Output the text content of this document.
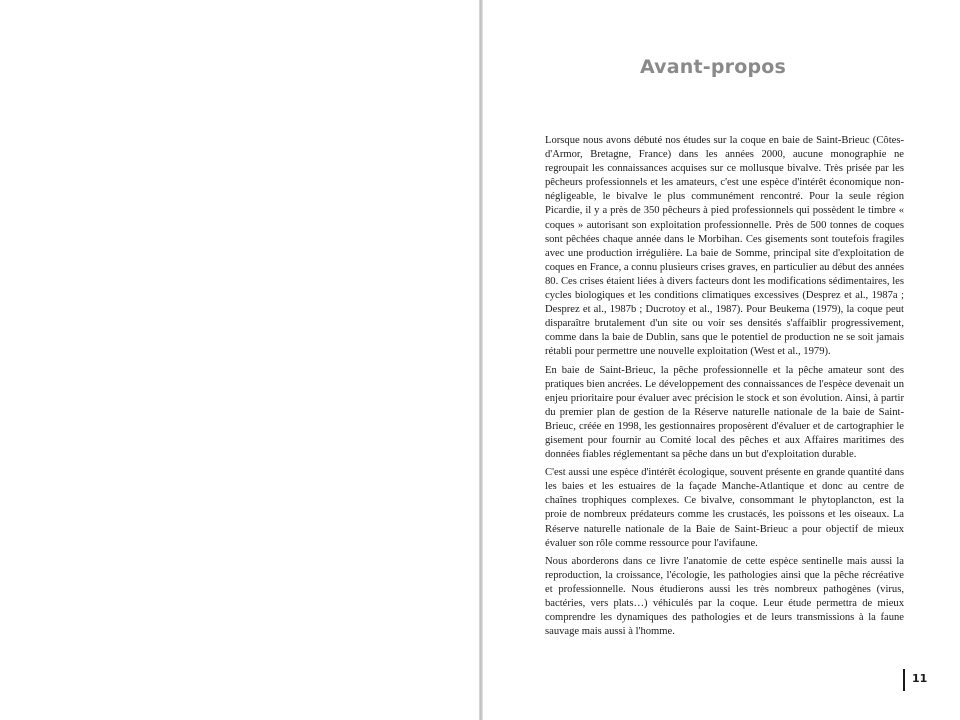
Avant-propos

Lorsque nous avons débuté nos études sur la coque en baie de Saint-Brieuc (Côtes-d'Armor, Bretagne, France) dans les années 2000, aucune monographie ne regroupait les connaissances acquises sur ce mollusque bivalve. Très prisée par les pêcheurs professionnels et les amateurs, c'est une espèce d'intérêt économique non-négligeable, le bivalve le plus communément rencontré. Pour la seule région Picardie, il y a près de 350 pêcheurs à pied professionnels qui possèdent le timbre « coques » autorisant son exploitation professionnelle. Près de 500 tonnes de coques sont pêchées chaque année dans le Morbihan. Ces gisements sont toutefois fragiles avec une production irrégulière. La baie de Somme, principal site d'exploitation de coques en France, a connu plusieurs crises graves, en particulier au début des années 80. Ces crises étaient liées à divers facteurs dont les modifications sédimentaires, les cycles biologiques et les conditions climatiques excessives (Desprez et al., 1987a ; Desprez et al., 1987b ; Ducrotoy et al., 1987). Pour Beukema (1979), la coque peut disparaître brutalement d'un site ou voir ses densités s'affaiblir progressivement, comme dans la baie de Dublin, sans que le potentiel de production ne se soit jamais rétabli pour permettre une nouvelle exploitation (West et al., 1979).

En baie de Saint-Brieuc, la pêche professionnelle et la pêche amateur sont des pratiques bien ancrées. Le développement des connaissances de l'espèce devenait un enjeu prioritaire pour évaluer avec précision le stock et son évolution. Ainsi, à partir du premier plan de gestion de la Réserve naturelle nationale de la baie de Saint-Brieuc, créée en 1998, les gestionnaires proposèrent d'évaluer et de cartographier le gisement pour fournir au Comité local des pêches et aux Affaires maritimes des données fiables réglementant sa pêche dans un but d'exploitation durable.

C'est aussi une espèce d'intérêt écologique, souvent présente en grande quantité dans les baies et les estuaires de la façade Manche-Atlantique et donc au centre de chaînes trophiques complexes. Ce bivalve, consommant le phytoplancton, est la proie de nombreux prédateurs comme les crustacés, les poissons et les oiseaux. La Réserve naturelle nationale de la Baie de Saint-Brieuc a pour objectif de mieux évaluer son rôle comme ressource pour l'avifaune.

Nous aborderons dans ce livre l'anatomie de cette espèce sentinelle mais aussi la reproduction, la croissance, l'écologie, les pathologies ainsi que la pêche récréative et professionnelle. Nous étudierons aussi les très nombreux pathogènes (virus, bactéries, vers plats…) véhiculés par la coque. Leur étude permettra de mieux comprendre les dynamiques des pathologies et de leurs transmissions à la faune sauvage mais aussi à l'homme.

11
